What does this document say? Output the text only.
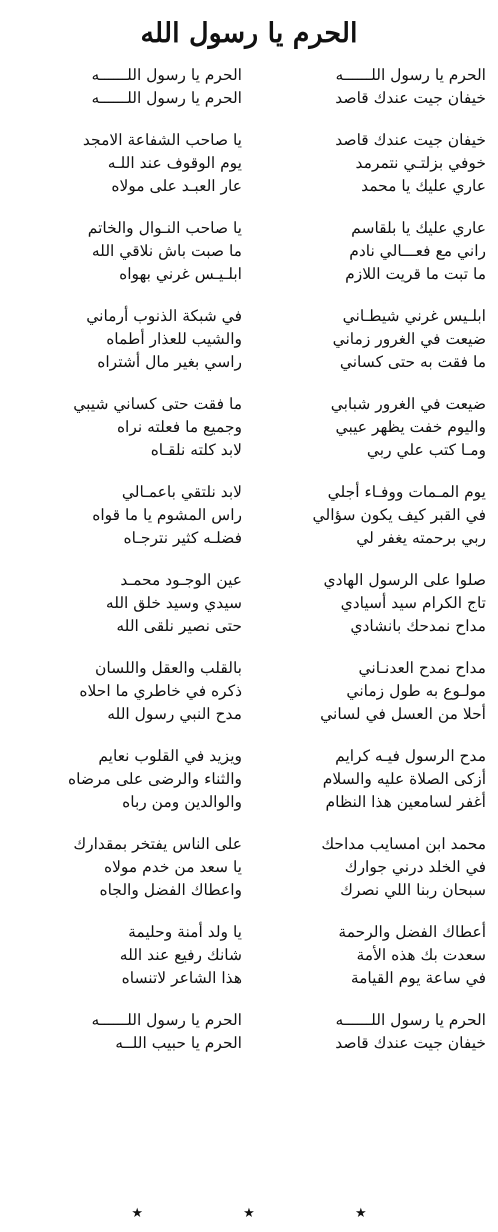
الحرم يا رسول الله
الحرم يا رسول اللــــــه
الحرم يا رسول اللــــــه
خيفان جيت عندك قاصد
الحرم يا رسول اللــــــه
خيفان جيت عندك قاصد
يا صاحب الشفاعة الامجد
خوفي بزلتـي نتمرمد
يوم الوقوف عند اللـه
عاري عليك يا محمد
عار العبـد على مولاه
عاري عليك يا بلقاسم
يا صاحب النـوال والخاتم
راني مع فعـــالي نادم
ما صبت باش نلاقي الله
ما تبت ما قريت اللازم
ابلـيـس غرني بهواه
ابلـيس غرني شيطـاني
في شبكة الذنوب أرماني
ضيعت في الغرور زماني
والشيب للعذار أطماه
ما فقت به حتى كساني
راسي بغير مال أشتراه
ضيعت في الغرور شبابي
ما فقت حتى كساني شيبي
واليوم خفت يظهر عيبي
وجميع ما فعلته نراه
ومـا كتب علي ربي
لابد كلته نلقـاه
يوم المـمات ووفـاء أجلي
لابد نلتقي باعمـالي
في القبر كيف يكون سؤالي
راس المشوم يا ما قواه
ربي برحمته يغفر لي
فضلـه كثير نترجـاه
صلوا على الرسول الهادي
عين الوجـود محمـد
تاج الكرام سيد أسيادي
سيدي وسيد خلق الله
مداح نمدحك بانشادي
حتى نصير نلقى الله
مداح نمدح العدنـاني
بالقلب والعقل واللسان
مولـوع به طول زماني
ذكره في خاطري ما احلاه
أحلا من العسل في لساني
مدح النبي رسول الله
مدح الرسول فيـه كرايم
ويزيد في القلوب نعايم
أزكى الصلاة عليه والسلام
والثناء والرضى على مرضاه
أغفر لسامعين هذا النظام
والوالدين ومن رباه
محمد ابن امسايب مداحك
على الناس يفتخر بمقدارك
في الخلد درني جوارك
يا سعد من خدم مولاه
سبحان ربنا اللي نصرك
واعطاك الفضل والجاه
أعطاك الفضل والرحمة
يا ولد أمنة وحليمة
سعدت بك هذه الأمة
شانك رفيع عند الله
في ساعة يوم القيامة
هذا الشاعر لاتنساه
الحرم يا رسول اللــــــه
الحرم يا رسول اللــــــه
خيفان جيت عندك قاصد
الحرم يا حبيب اللــه
★ ★ ★
